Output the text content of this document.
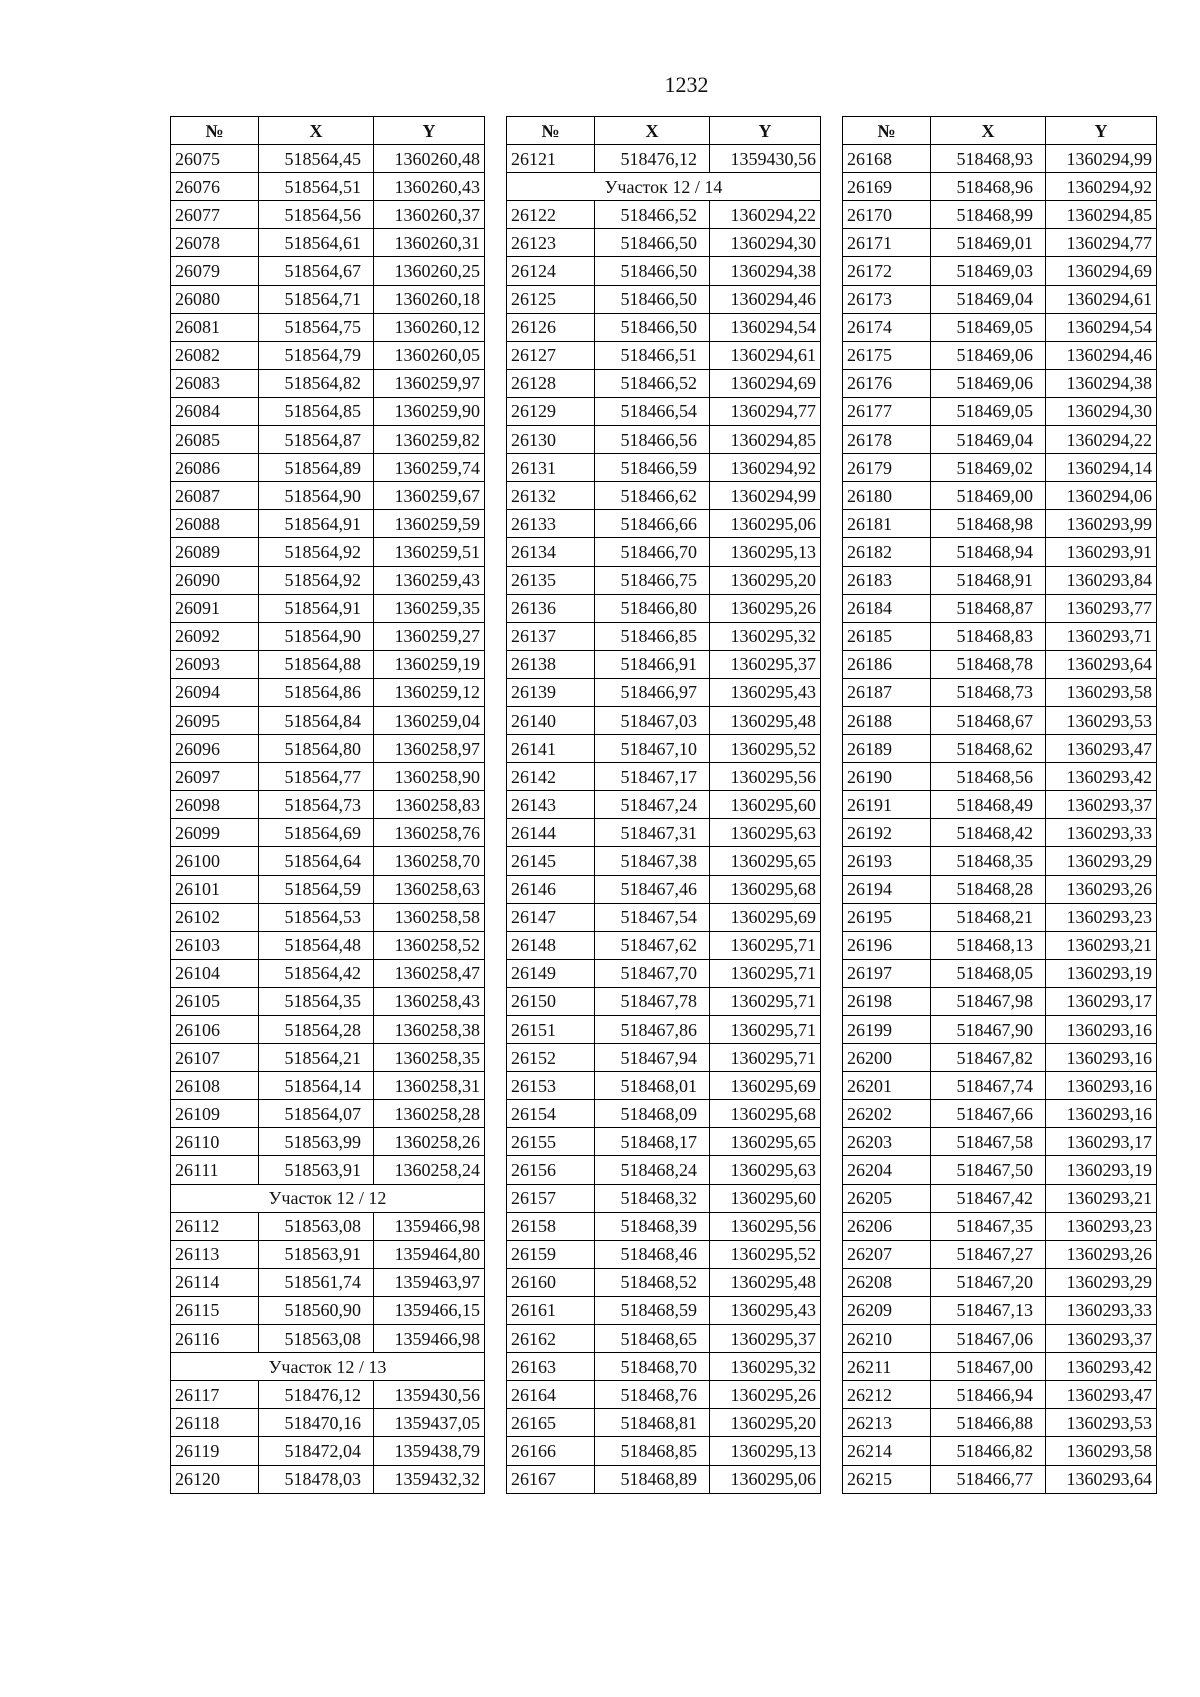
1232
№	X	Y
26075	518564,45	1360260,48
26076	518564,51	1360260,43
26077	518564,56	1360260,37
26078	518564,61	1360260,31
26079	518564,67	1360260,25
26080	518564,71	1360260,18
26081	518564,75	1360260,12
26082	518564,79	1360260,05
26083	518564,82	1360259,97
26084	518564,85	1360259,90
26085	518564,87	1360259,82
26086	518564,89	1360259,74
26087	518564,90	1360259,67
26088	518564,91	1360259,59
26089	518564,92	1360259,51
26090	518564,92	1360259,43
26091	518564,91	1360259,35
26092	518564,90	1360259,27
26093	518564,88	1360259,19
26094	518564,86	1360259,12
26095	518564,84	1360259,04
26096	518564,80	1360258,97
26097	518564,77	1360258,90
26098	518564,73	1360258,83
26099	518564,69	1360258,76
26100	518564,64	1360258,70
26101	518564,59	1360258,63
26102	518564,53	1360258,58
26103	518564,48	1360258,52
26104	518564,42	1360258,47
26105	518564,35	1360258,43
26106	518564,28	1360258,38
26107	518564,21	1360258,35
26108	518564,14	1360258,31
26109	518564,07	1360258,28
26110	518563,99	1360258,26
26111	518563,91	1360258,24
Участок 12 / 12		
26112	518563,08	1359466,98
26113	518563,91	1359464,80
26114	518561,74	1359463,97
26115	518560,90	1359466,15
26116	518563,08	1359466,98
Участок 12 / 13		
26117	518476,12	1359430,56
26118	518470,16	1359437,05
26119	518472,04	1359438,79
26120	518478,03	1359432,32
№	X	Y
26121	518476,12	1359430,56
Участок 12 / 14		
26122	518466,52	1360294,22
26123	518466,50	1360294,30
26124	518466,50	1360294,38
26125	518466,50	1360294,46
26126	518466,50	1360294,54
26127	518466,51	1360294,61
26128	518466,52	1360294,69
26129	518466,54	1360294,77
26130	518466,56	1360294,85
26131	518466,59	1360294,92
26132	518466,62	1360294,99
26133	518466,66	1360295,06
26134	518466,70	1360295,13
26135	518466,75	1360295,20
26136	518466,80	1360295,26
26137	518466,85	1360295,32
26138	518466,91	1360295,37
26139	518466,97	1360295,43
26140	518467,03	1360295,48
26141	518467,10	1360295,52
26142	518467,17	1360295,56
26143	518467,24	1360295,60
26144	518467,31	1360295,63
26145	518467,38	1360295,65
26146	518467,46	1360295,68
26147	518467,54	1360295,69
26148	518467,62	1360295,71
26149	518467,70	1360295,71
26150	518467,78	1360295,71
26151	518467,86	1360295,71
26152	518467,94	1360295,71
26153	518468,01	1360295,69
26154	518468,09	1360295,68
26155	518468,17	1360295,65
26156	518468,24	1360295,63
26157	518468,32	1360295,60
26158	518468,39	1360295,56
26159	518468,46	1360295,52
26160	518468,52	1360295,48
26161	518468,59	1360295,43
26162	518468,65	1360295,37
26163	518468,70	1360295,32
26164	518468,76	1360295,26
26165	518468,81	1360295,20
26166	518468,85	1360295,13
26167	518468,89	1360295,06
№	X	Y
26168	518468,93	1360294,99
26169	518468,96	1360294,92
26170	518468,99	1360294,85
26171	518469,01	1360294,77
26172	518469,03	1360294,69
26173	518469,04	1360294,61
26174	518469,05	1360294,54
26175	518469,06	1360294,46
26176	518469,06	1360294,38
26177	518469,05	1360294,30
26178	518469,04	1360294,22
26179	518469,02	1360294,14
26180	518469,00	1360294,06
26181	518468,98	1360293,99
26182	518468,94	1360293,91
26183	518468,91	1360293,84
26184	518468,87	1360293,77
26185	518468,83	1360293,71
26186	518468,78	1360293,64
26187	518468,73	1360293,58
26188	518468,67	1360293,53
26189	518468,62	1360293,47
26190	518468,56	1360293,42
26191	518468,49	1360293,37
26192	518468,42	1360293,33
26193	518468,35	1360293,29
26194	518468,28	1360293,26
26195	518468,21	1360293,23
26196	518468,13	1360293,21
26197	518468,05	1360293,19
26198	518467,98	1360293,17
26199	518467,90	1360293,16
26200	518467,82	1360293,16
26201	518467,74	1360293,16
26202	518467,66	1360293,16
26203	518467,58	1360293,17
26204	518467,50	1360293,19
26205	518467,42	1360293,21
26206	518467,35	1360293,23
26207	518467,27	1360293,26
26208	518467,20	1360293,29
26209	518467,13	1360293,33
26210	518467,06	1360293,37
26211	518467,00	1360293,42
26212	518466,94	1360293,47
26213	518466,88	1360293,53
26214	518466,82	1360293,58
26215	518466,77	1360293,64
